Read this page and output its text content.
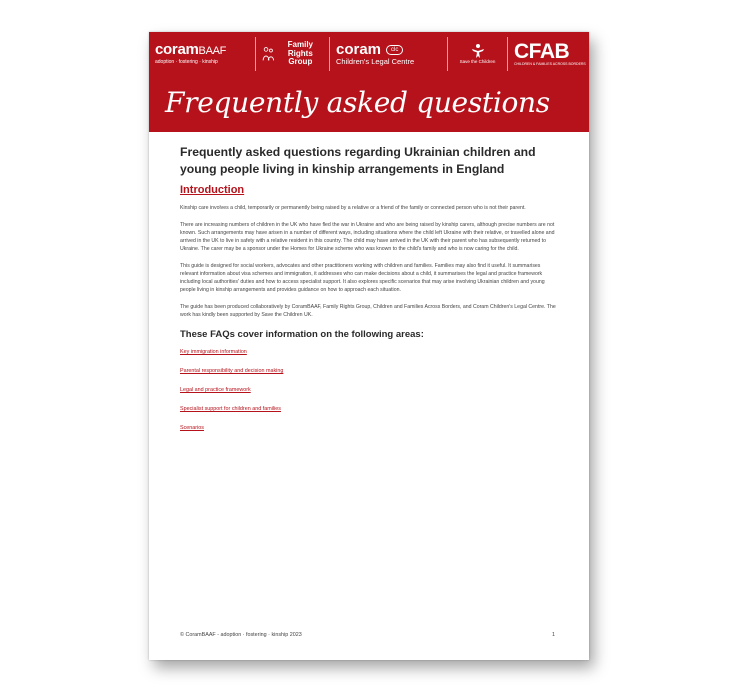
coramBAAF
adoption · fostering · kinship
Family Rights Group
coram	clc
Children's Legal Centre	Save the Children CFAB
CHILDREN & FAMILIES ACROSS BORDERS
Frequently asked questions
Frequently asked questions regarding Ukrainian children and young people living in kinship arrangements in England
Introduction

Kinship care involves a child, temporarily or permanently being raised by a relative or a friend of the family or connected person who is not their parent.

There are increasing numbers of children in the UK who have fled the war in Ukraine and who are being raised by kinship carers, although precise numbers are not known. Such arrangements may have arisen in a number of different ways, including situations where the child left Ukraine with their relative, or travelled alone and arrived in the UK to live in safety with a relative resident in this country. The child may have arrived in the UK with their parent who has subsequently returned to Ukraine. The carer may be a sponsor under the Homes for Ukraine scheme who was known to the child's family and who is now caring for the child.

This guide is designed for social workers, advocates and other practitioners working with children and families. Families may also find it useful. It summarises relevant information about visa schemes and immigration, it addresses who can make decisions about a child, it summarises the legal and practice framework including local authorities' duties and how to access specialist support. It also explores specific scenarios that may arise involving Ukrainian children and young people living in kinship arrangements and provides guidance on how to approach each situation.

The guide has been produced collaboratively by CoramBAAF, Family Rights Group, Children and Families Across Borders, and Coram Children's Legal Centre. The work has kindly been supported by Save the Children UK.

These FAQs cover information on the following areas:
Key immigration information
Parental responsibility and decision making
Legal and practice framework
Specialist support for children and families
Scenarios
© CoramBAAF - adoption · fostering · kinship 2023	1
